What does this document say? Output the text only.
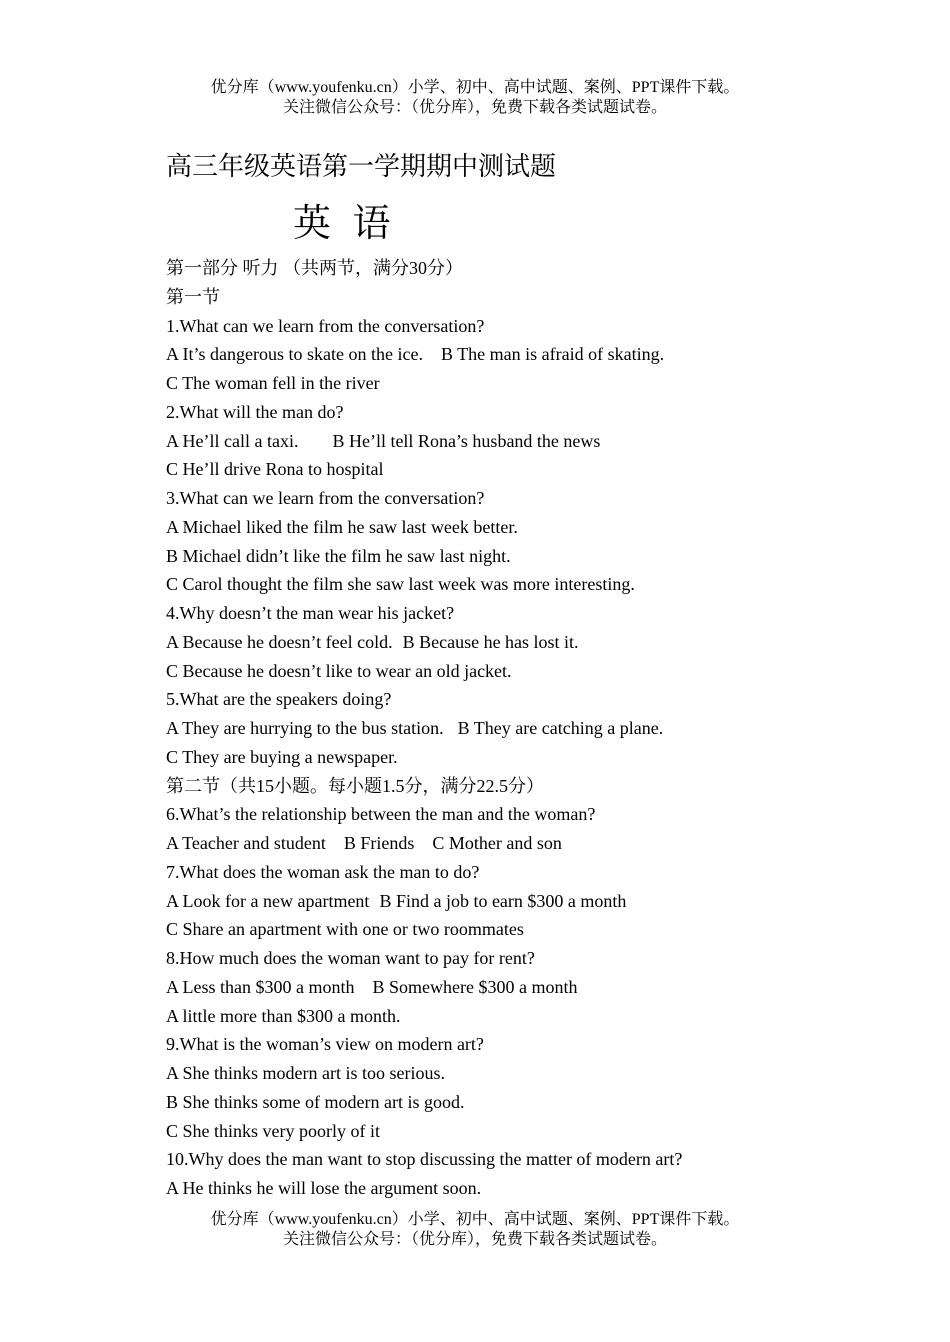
优分库（www.youfenku.cn）小学、初中、高中试题、案例、PPT课件下载。
关注微信公众号：（优分库），免费下载各类试题试卷。
高三年级英语第一学期期中测试题
英 语
第一部分 听力 （共两节，满分30分）
第一节
1.What can we learn from the conversation?
A It’s dangerous to skate on the ice. B The man is afraid of skating.
C The woman fell in the river
2.What will the man do?
A He’ll call a taxi. B He’ll tell Rona’s husband the news
C He’ll drive Rona to hospital
3.What can we learn from the conversation?
A Michael liked the film he saw last week better.
B Michael didn’t like the film he saw last night.
C Carol thought the film she saw last week was more interesting.
4.Why doesn’t the man wear his jacket?
A Because he doesn’t feel cold. B Because he has lost it.
C Because he doesn’t like to wear an old jacket.
5.What are the speakers doing?
A They are hurrying to the bus station. B They are catching a plane.
C They are buying a newspaper.
第二节（共15小题。每小题1.5分，满分22.5分）
6.What’s the relationship between the man and the woman?
A Teacher and student B Friends C Mother and son
7.What does the woman ask the man to do?
A Look for a new apartment B Find a job to earn $300 a month
C Share an apartment with one or two roommates
8.How much does the woman want to pay for rent?
A Less than $300 a month B Somewhere $300 a month
A little more than $300 a month.
9.What is the woman’s view on modern art?
A She thinks modern art is too serious.
B She thinks some of modern art is good.
C She thinks very poorly of it
10.Why does the man want to stop discussing the matter of modern art?
A He thinks he will lose the argument soon.
优分库（www.youfenku.cn）小学、初中、高中试题、案例、PPT课件下载。
关注微信公众号：（优分库），免费下载各类试题试卷。
